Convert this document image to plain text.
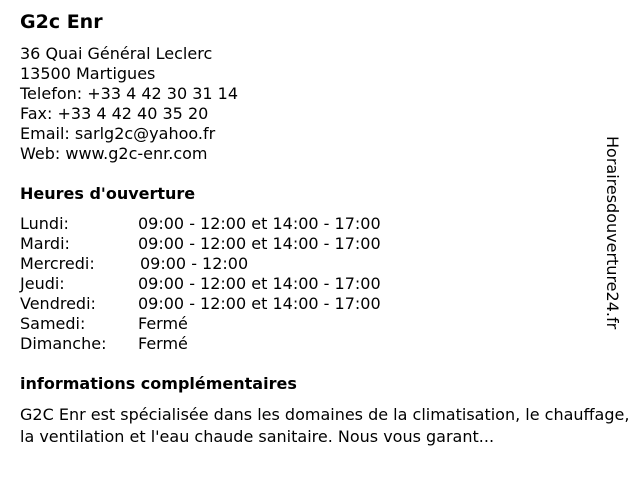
G2c Enr
36 Quai Général Leclerc
13500 Martigues
Telefon: +33 4 42 30 31 14
Fax: +33 4 42 40 35 20
Email: sarlg2c@yahoo.fr
Web: www.g2c-enr.com
Heures d'ouverture
Lundi:	09:00 - 12:00 et 14:00 - 17:00
Mardi:	09:00 - 12:00 et 14:00 - 17:00
Mercredi:	09:00 - 12:00
Jeudi:	09:00 - 12:00 et 14:00 - 17:00
Vendredi:	09:00 - 12:00 et 14:00 - 17:00
Samedi:	Fermé
Dimanche: Fermé
informations complémentaires
G2C Enr est spécialisée dans les domaines de la climatisation, le chauffage, la ventilation et l'eau chaude sanitaire. Nous vous garant...
Horairesdouverture24.fr
